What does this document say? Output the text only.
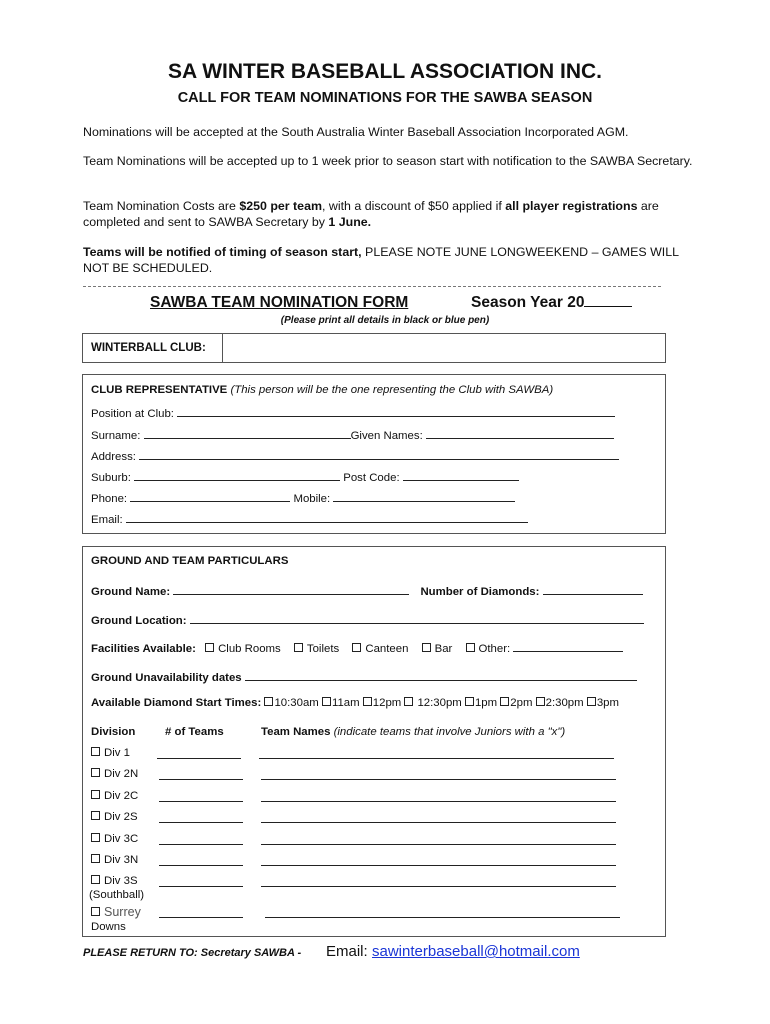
SA WINTER BASEBALL ASSOCIATION INC.
CALL FOR TEAM NOMINATIONS FOR THE SAWBA SEASON
Nominations will be accepted at the South Australia Winter Baseball Association Incorporated AGM.
Team Nominations will be accepted up to 1 week prior to season start with notification to the SAWBA Secretary.
Team Nomination Costs are $250 per team, with a discount of $50 applied if all player registrations are completed and sent to SAWBA Secretary by 1 June.
Teams will be notified of timing of season start, PLEASE NOTE JUNE LONGWEEKEND – GAMES WILL NOT BE SCHEDULED.
SAWBA TEAM NOMINATION FORM	Season Year 20
(Please print all details in black or blue pen)
WINTERBALL CLUB:
CLUB REPRESENTATIVE (This person will be the one representing the Club with SAWBA)
Position at Club:
Surname:	Given Names:
Address:
Suburb:	Post Code:
Phone:	Mobile:
Email:
GROUND AND TEAM PARTICULARS
Ground Name:	Number of Diamonds:
Ground Location:
Facilities Available: Club Rooms Toilets Canteen Bar Other:
Ground Unavailability dates
Available Diamond Start Times: 10:30am 11am 12pm 12:30pm 1pm 2pm 2:30pm 3pm
Division	# of Teams	Team Names (indicate teams that involve Juniors with a "x")
Div 1
Div 2N
Div 2C
Div 2S
Div 3C
Div 3N
Div 3S
(Southball)
Surrey
Downs
PLEASE RETURN TO: Secretary SAWBA - Email: sawinterbaseball@hotmail.com
